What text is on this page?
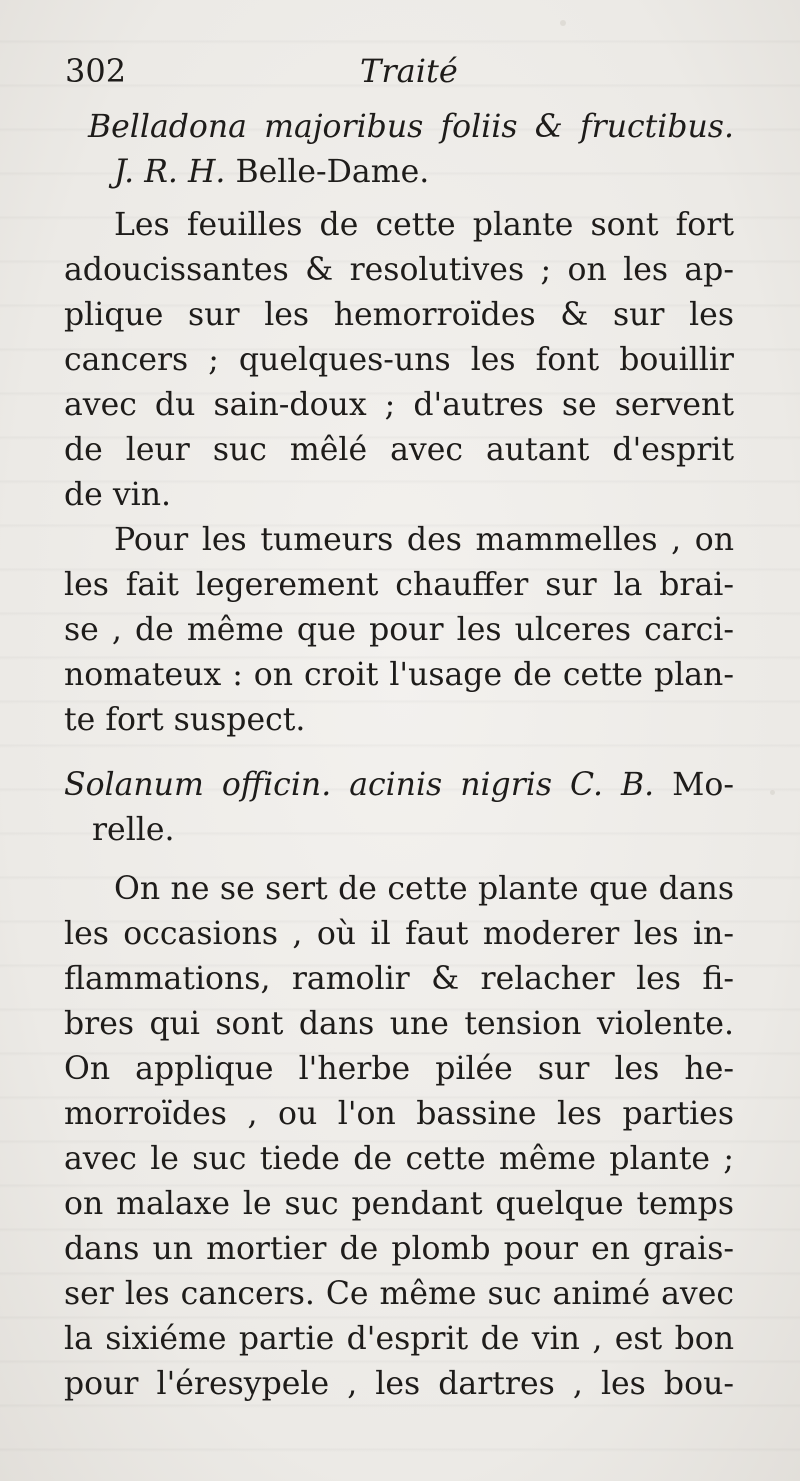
302	Traité
Belladona majoribus foliis & fructibus.
J. R. H. Belle-Dame.
Les feuilles de cette plante sont fort
adoucissantes & resolutives ; on les ap-
plique sur les hemorroïdes & sur les
cancers ; quelques-uns les font bouillir
avec du sain-doux ; d'autres se servent
de leur suc mêlé avec autant d'esprit
de vin.
Pour les tumeurs des mammelles , on
les fait legerement chauffer sur la brai-
se , de même que pour les ulceres carci-
nomateux : on croit l'usage de cette plan-
te fort suspect.
Solanum officin. acinis nigris C. B. Mo-
relle.
On ne se sert de cette plante que dans
les occasions , où il faut moderer les in-
flammations, ramolir & relacher les fi-
bres qui sont dans une tension violente.
On applique l'herbe pilée sur les he-
morroïdes , ou l'on bassine les parties
avec le suc tiede de cette même plante ;
on malaxe le suc pendant quelque temps
dans un mortier de plomb pour en grais-
ser les cancers. Ce même suc animé avec
la sixiéme partie d'esprit de vin , est bon
pour l'éresypele , les dartres , les bou-
